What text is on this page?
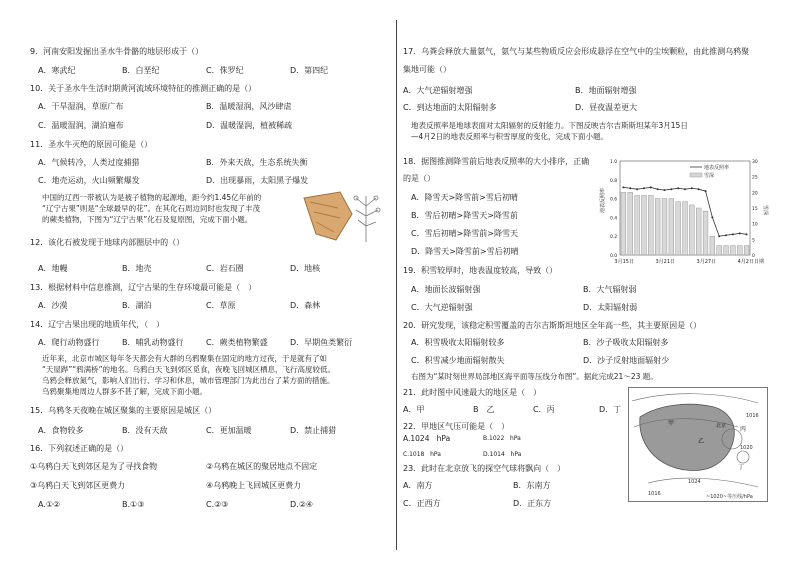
9．河南安阳发掘出圣水牛骨骼的地层形成于（）
A．寒武纪	B．白垩纪	C．侏罗纪	D．第四纪
10．关于圣水牛生活时期黄河流域环境特征的推测正确的是（）
A．干旱湿润，草原广布	B．温暖湿润，风沙肆虐
C．温暖湿润，湖泊遍布	D．温暖湿润，植被稀疏
11．圣水牛灭绝的原因可能是（）
A．气候转冷，人类过度捕猎	B．外来天敌，生态系统失衡
C．地壳运动，火山频繁爆发	D．出现暴雨，太阳黑子爆发
中国的辽西一带被认为是被子植物的起源地，距今约1.45亿年前的
“辽宁古果”则是“全球最早的花”。在其化石周边同时也发现了丰茂
的蕨类植物，下图为“辽宁古果”化石及复原图，完成下面小题。
12．该化石被发现于地球内部圈层中的（）
A．地幔	B．地壳	C．岩石圈	D．地核
13．根据材料中信息推测，辽宁古果的生存环境最可能是（　）
A．沙漠	B．湖泊	C．草原	D．森林
14．辽宁古果出现的地质年代，（　）
A．爬行动物盛行	B．哺乳动物盛行	C．蕨类植物繁盛	D．早期鱼类繁衍
近年来，北京市城区每年冬天都会有大群的乌鸦聚集在固定的地方过夜，于是就有了如
“天屋跸”“鸦满桥”的地名。乌鸦白天飞到郊区觅食，夜晚飞回城区栖息，飞行高度较低。
乌鸦会释放氮气，影响人们出行、学习和休息，城市管理部门为此出台了某方面的措施。
乌鸦聚集地周边人群多不甚了解，完成下面小题。
15．乌鸦冬天夜晚在城区聚集的主要原因是城区（）
A．食物较多	B．没有天敌	C．更加温暖	D．禁止捕猎
16．下列叙述正确的是（）
①乌鸦白天飞到郊区是为了寻找食物	②乌鸦在城区的聚居地点不固定
③乌鸦白天飞到郊区更费力	④乌鸦晚上飞回城区更费力
A.①②	B.①③	C.②③	D.②④
17．乌粪会释放大量氨气，氨气与某些物质反应会形成悬浮在空气中的尘埃颗粒，由此推测乌鸦聚
集地可能（）
A．大气逆辐射增强	B．地面辐射增强
C．到达地面的太阳辐射多	D．昼夜温差更大
地表反照率是地球表面对太阳辐射的反射能力。下图反映吉尔吉斯斯坦某年3月15日
—4月2日的地表反照率与积雪厚度的变化，完成下面小题。
18．据图推测降雪前后地表反照率的大小排序，正确
的是（）
A．降雪天>降雪前>雪后初晴
B．雪后初晴>降雪天>降雪前
C．雪后初晴>降雪前>降雪天
D．降雪天>降雪前>雪后初晴
3月15日	3月21日	3月27日	4月2日 日期
地表反照率	雪深
0.0
0.2
0.4
0.6
0.8
1.0
0
5
10
15
20
25
30
地表反照率
雪深
19．积雪较厚时，地表温度较高，导致（）
A．地面长波辐射强	B．大气辐射弱
C．大气逆辐射强	D．太阳辐射弱
20．研究发现，该稳定积雪覆盖的吉尔吉斯斯坦地区全年高一些，其主要原因是（）
A．积雪吸收太阳辐射较多	B．沙子吸收太阳辐射多
C．积雪减少地面辐射散失	D．沙子反射地面辐射少
右图为“某时刻世界局部地区海平面等压线分布图”。据此完成21～23 题。
21．此时图中风速最大的地区是（　）
A．甲	B　乙	C．丙	D．丁
22．甲地区气压可能是（　）
A.1024 hPa	B.1022 hPa
C.1018 hPa	D.1014 hPa
23．此时在北京放飞的探空气球将飘向（　）
A．南方	B．东南方
C．正西方	D．正东方
甲
乙
丙
丁
北京
1016
1020
1024
1016	~1020~等压线/hPa
